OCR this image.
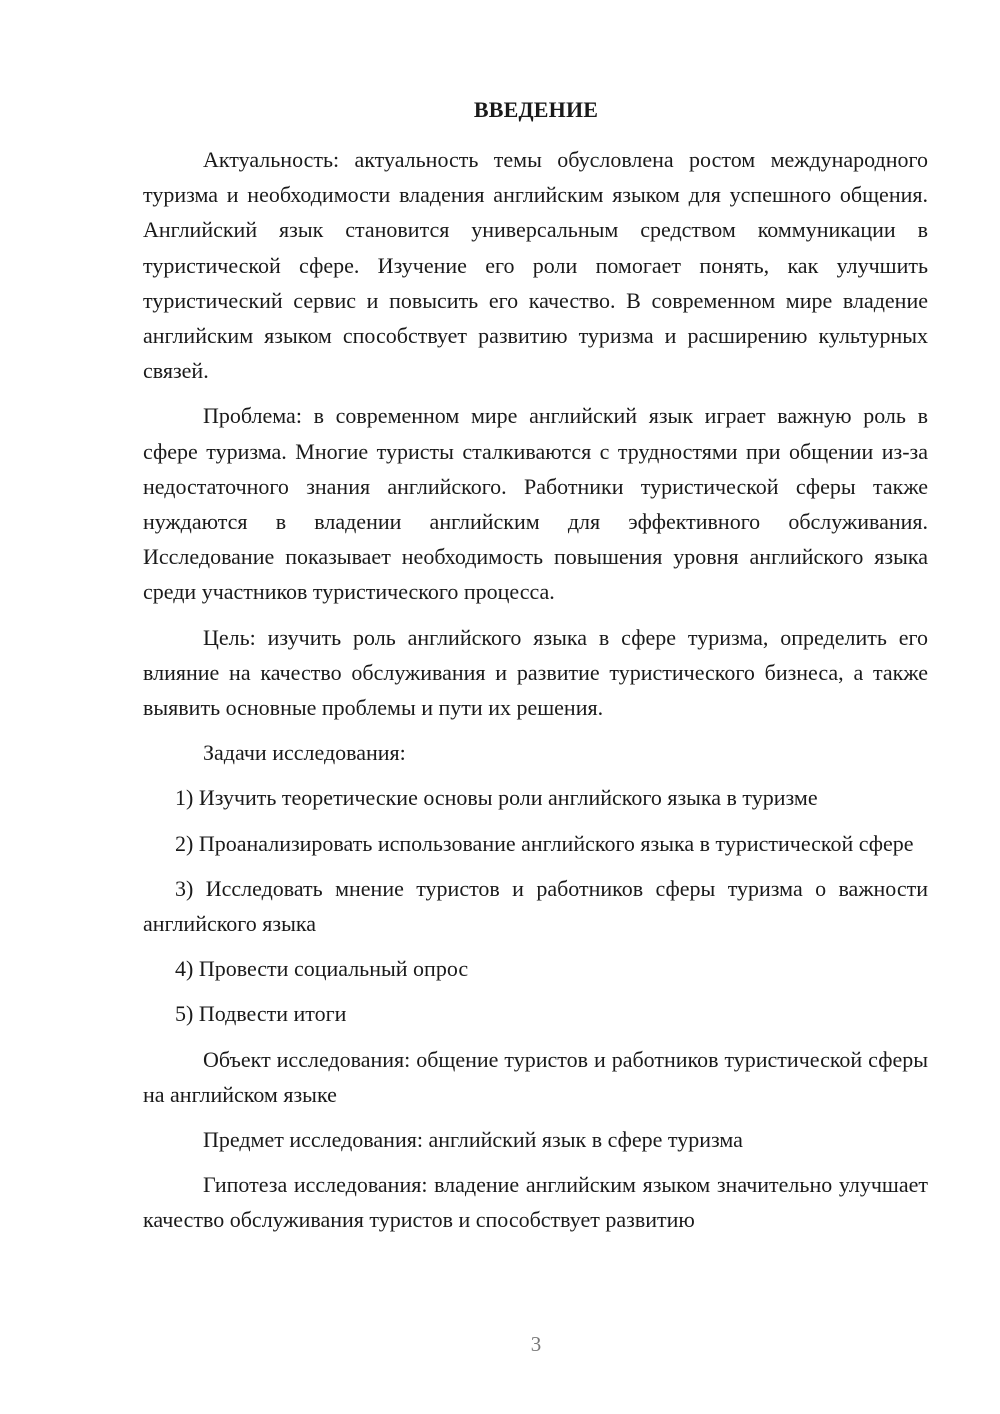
ВВЕДЕНИЕ

Актуальность: актуальность темы обусловлена ростом международного туризма и необходимости владения английским языком для успешного общения. Английский язык становится универсальным средством коммуникации в туристической сфере. Изучение его роли помогает понять, как улучшить туристический сервис и повысить его качество. В современном мире владение английским языком способствует развитию туризма и расширению культурных связей.

Проблема: в современном мире английский язык играет важную роль в сфере туризма. Многие туристы сталкиваются с трудностями при общении из-за недостаточного знания английского. Работники туристической сферы также нуждаются в владении английским для эффективного обслуживания. Исследование показывает необходимость повышения уровня английского языка среди участников туристического процесса.

Цель: изучить роль английского языка в сфере туризма, определить его влияние на качество обслуживания и развитие туристического бизнеса, а также выявить основные проблемы и пути их решения.

Задачи исследования:

1) Изучить теоретические основы роли английского языка в туризме

2) Проанализировать использование английского языка в туристической сфере

3) Исследовать мнение туристов и работников сферы туризма о важности английского языка

4) Провести социальный опрос

5) Подвести итоги

Объект исследования: общение туристов и работников туристической сферы на английском языке

Предмет исследования: английский язык в сфере туризма

Гипотеза исследования: владение английским языком значительно улучшает качество обслуживания туристов и способствует развитию

3
